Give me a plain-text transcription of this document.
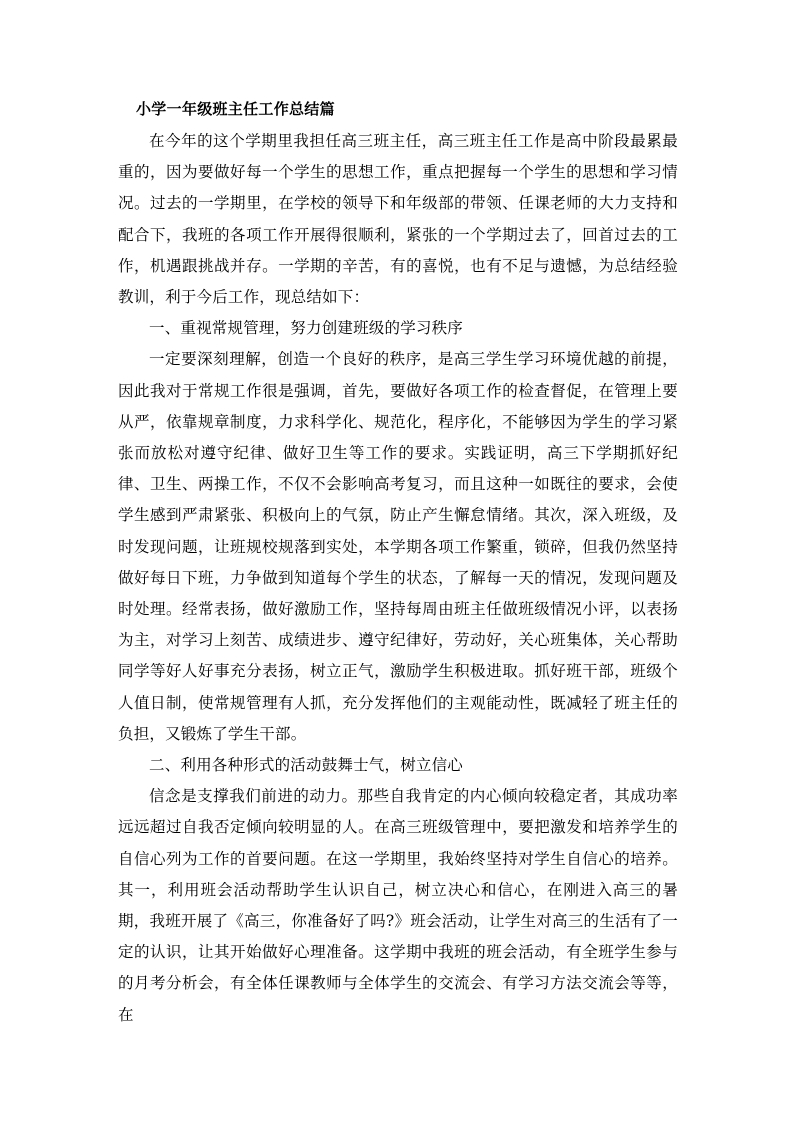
小学一年级班主任工作总结篇

在今年的这个学期里我担任高三班主任，高三班主任工作是高中阶段最累最重的，因为要做好每一个学生的思想工作，重点把握每一个学生的思想和学习情况。过去的一学期里，在学校的领导下和年级部的带领、任课老师的大力支持和配合下，我班的各项工作开展得很顺利，紧张的一个学期过去了，回首过去的工作，机遇跟挑战并存。一学期的辛苦，有的喜悦，也有不足与遗憾，为总结经验教训，利于今后工作，现总结如下：

一、重视常规管理，努力创建班级的学习秩序

一定要深刻理解，创造一个良好的秩序，是高三学生学习环境优越的前提，因此我对于常规工作很是强调，首先，要做好各项工作的检查督促，在管理上要从严，依靠规章制度，力求科学化、规范化，程序化，不能够因为学生的学习紧张而放松对遵守纪律、做好卫生等工作的要求。实践证明，高三下学期抓好纪律、卫生、两操工作，不仅不会影响高考复习，而且这种一如既往的要求，会使学生感到严肃紧张、积极向上的气氛，防止产生懈怠情绪。其次，深入班级，及时发现问题，让班规校规落到实处，本学期各项工作繁重，锁碎，但我仍然坚持做好每日下班，力争做到知道每个学生的状态，了解每一天的情况，发现问题及时处理。经常表扬，做好激励工作，坚持每周由班主任做班级情况小评，以表扬为主，对学习上刻苦、成绩进步、遵守纪律好，劳动好，关心班集体，关心帮助同学等好人好事充分表扬，树立正气，激励学生积极进取。抓好班干部，班级个人值日制，使常规管理有人抓，充分发挥他们的主观能动性，既减轻了班主任的负担，又锻炼了学生干部。

二、利用各种形式的活动鼓舞士气，树立信心

信念是支撑我们前进的动力。那些自我肯定的内心倾向较稳定者，其成功率远远超过自我否定倾向较明显的人。在高三班级管理中，要把激发和培养学生的自信心列为工作的首要问题。在这一学期里，我始终坚持对学生自信心的培养。其一，利用班会活动帮助学生认识自己，树立决心和信心，在刚进入高三的暑期，我班开展了《高三，你准备好了吗?》班会活动，让学生对高三的生活有了一定的认识，让其开始做好心理准备。这学期中我班的班会活动，有全班学生参与的月考分析会，有全体任课教师与全体学生的交流会、有学习方法交流会等等，在
